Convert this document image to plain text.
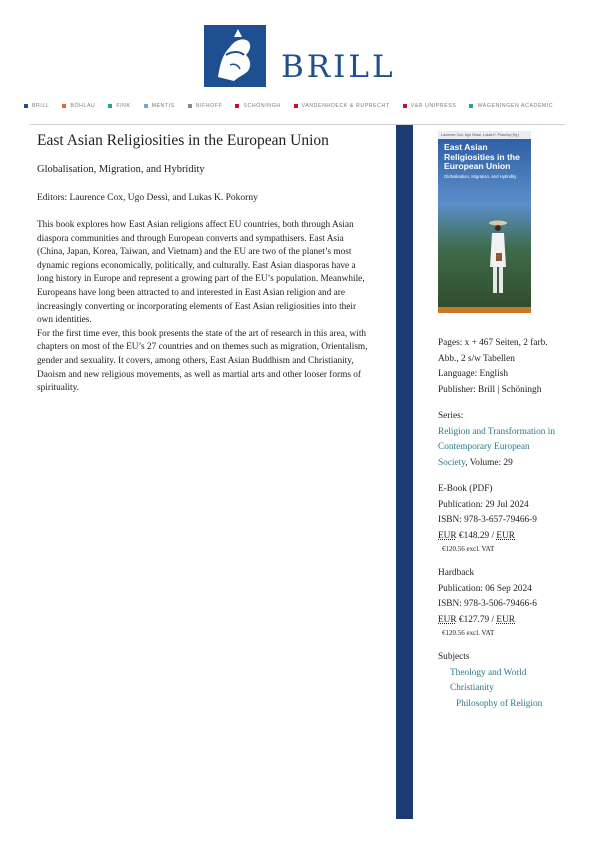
BRILL
BRILL	BÖHLAU	FINK	MENTIS	NIFHOFF	SCHÖNINGH	VANDENHOECK & RUPRECHT	V&R UNIPRESS	WAGENINGEN ACADEMIC
East Asian Religiosities in the European Union
Globalisation, Migration, and Hybridity
Editors: Laurence Cox, Ugo Dessì, and Lukas K. Pokorny

This book explores how East Asian religions affect EU countries, both through Asian diaspora communities and through European converts and sympathisers. East Asia (China, Japan, Korea, Taiwan, and Vietnam) and the EU are two of the planet’s most dynamic regions economically, politically, and culturally. East Asian diasporas have a long history in Europe and represent a growing part of the EU’s population. Meanwhile, Europeans have long been attracted to and interested in East Asian religion and are increasingly converting or incorporating elements of East Asian religiosities into their own identities.

For the first time ever, this book presents the state of the art of research in this area, with chapters on most of the EU’s 27 countries and on themes such as migration, Orientalism, gender and sexuality. It covers, among others, East Asian Buddhism and Christianity, Daoism and new religious movements, as well as martial arts and other looser forms of spirituality.

Laurence Cox, Ugo Dessì, Lukas K. Pokorny (Hg.)
East Asian Religiosities in the European Union
Globalisation, Migration, and Hybridity
Pages: x + 467 Seiten, 2 farb. Abb., 2 s/w Tabellen
Language: English
Publisher: Brill | Schöningh
Series:
Religion and Transformation in Contemporary European Society, Volume: 29
E-Book (PDF)
Publication: 29 Jul 2024
ISBN: 978-3-657-79466-9
EUR €148.29 / EUR
€120.56 excl. VAT
Hardback
Publication: 06 Sep 2024
ISBN: 978-3-506-79466-6
EUR €127.79 / EUR
€120.56 excl. VAT
Subjects
Theology and World Christianity
Philosophy of Religion
